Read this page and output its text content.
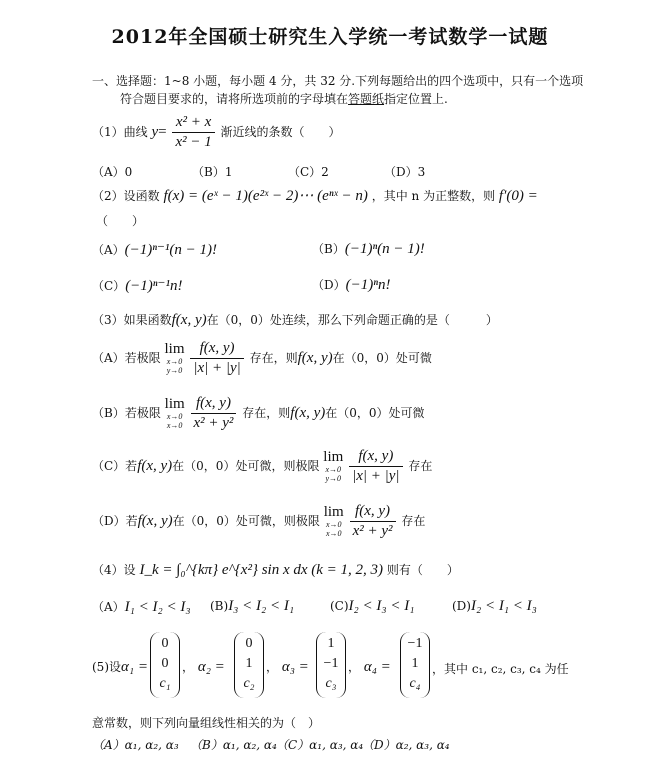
2012年全国硕士研究生入学统一考试数学一试题
一、选择题：1~8 小题，每小题 4 分，共 32 分.下列每题给出的四个选项中，只有一个选项
符合题目要求的，请将所选项前的字母填在答题纸指定位置上.
（1）曲线 $y= \frac{\text{x² + x}}{\text{x² − 1}}$ 渐近线的条数（　　）
（A）0	（B）1	（C）2	（D）3
（2）设函数 f(x) = (eˣ − 1)(e²ˣ − 2)⋯ (eⁿˣ − n) ，其中 n 为正整数，则 f′(0) =
（　　）
（A）(−1)ⁿ⁻¹(n − 1)!	（B）(−1)ⁿ(n − 1)!
（C）(−1)ⁿ⁻¹n!	（D）(−1)ⁿn!
（3）如果函数f(x, y)在（0，0）处连续，那么下列命题正确的是（　　　）
（A）若极限
lim
x→0
y→0
$\frac{f(x, y)}{|x| + |y|}$ 存在，则f(x, y)在（0，0）处可微
（B）若极限
lim
x→0
x→0
$\frac{f(x, y)}{\text{x² + y²}}$ 存在，则f(x, y)在（0，0）处可微
（C）若f(x, y)在（0，0）处可微，则极限
lim
x→0
y→0
$\frac{f(x, y)}{|x| + |y|}$ 存在
（D）若f(x, y)在（0，0）处可微，则极限
lim
x→0
x→0
$\frac{f(x, y)}{\text{x² + y²}}$ 存在
（4）设 I_k = ∫₀^{kπ} e^{x²} sin x dx (k = 1, 2, 3) 则有（　　）
（A）I₁ < I₂ < I₃ (B)I₃ < I₂ < I₁	(C)I₂ < I₃ < I₁	(D)I₂ < I₁ < I₃
(5)设α₁ =
0
0
c₁
， α₂ =
0
1
c₂
， α₃ =
1
−1
c₃
， α₄ =
−1
1
c₄
，其中 c₁, c₂, c₃, c₄ 为任
意常数，则下列向量组线性相关的为（　）
（A）α₁, α₂, α₃ （B）α₁, α₂, α₄ （C）α₁, α₃, α₄
（D）α₂, α₃, α₄
